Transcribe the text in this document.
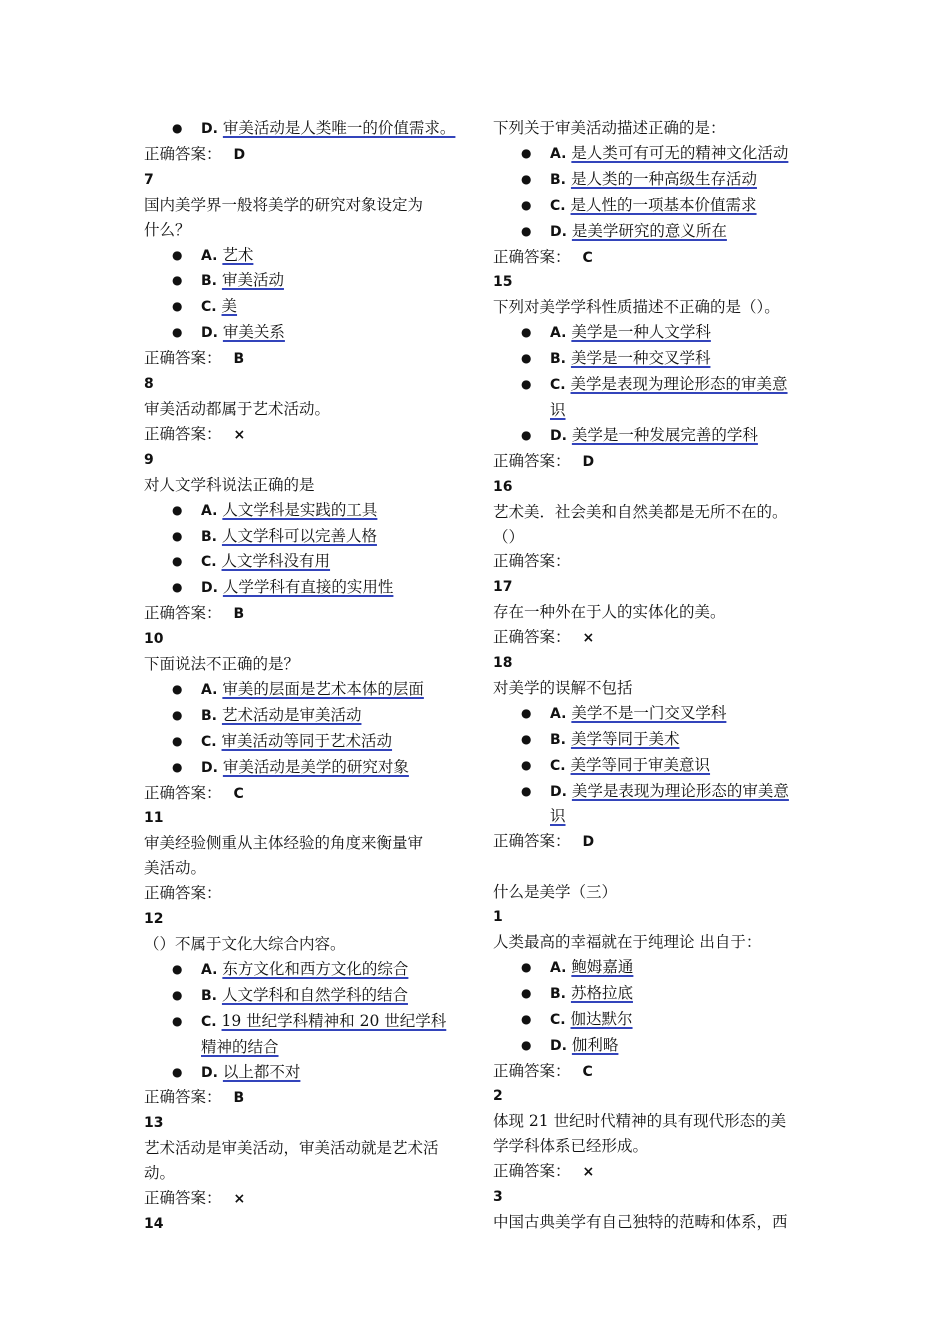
● D. 审美活动是人类唯一的价值需求。
正确答案： D
7
国内美学界一般将美学的研究对象设定为
什么？
● A. 艺术
● B. 审美活动
● C. 美
● D. 审美关系
正确答案： B
8
审美活动都属于艺术活动。
正确答案： ×
9
对人文学科说法正确的是
● A. 人文学科是实践的工具
● B. 人文学科可以完善人格
● C. 人文学科没有用
● D. 人学学科有直接的实用性
正确答案： B
10
下面说法不正确的是？
● A. 审美的层面是艺术本体的层面
● B. 艺术活动是审美活动
● C. 审美活动等同于艺术活动
● D. 审美活动是美学的研究对象
正确答案： C
11
审美经验侧重从主体经验的角度来衡量审
美活动。
正确答案：
12
（）不属于文化大综合内容。
● A. 东方文化和西方文化的综合
● B. 人文学科和自然学科的结合
● C. 19 世纪学科精神和 20 世纪学科
精神的结合
● D. 以上都不对
正确答案： B
13
艺术活动是审美活动，审美活动就是艺术活
动。
正确答案： ×
14
下列关于审美活动描述正确的是：
● A. 是人类可有可无的精神文化活动
● B. 是人类的一种高级生存活动
● C. 是人性的一项基本价值需求
● D. 是美学研究的意义所在
正确答案： C
15
下列对美学学科性质描述不正确的是（）。
● A. 美学是一种人文学科
● B. 美学是一种交叉学科
● C. 美学是表现为理论形态的审美意
识
● D. 美学是一种发展完善的学科
正确答案： D
16
艺术美．社会美和自然美都是无所不在的。
（）
正确答案：
17
存在一种外在于人的实体化的美。
正确答案： ×
18
对美学的误解不包括
● A. 美学不是一门交叉学科
● B. 美学等同于美术
● C. 美学等同于审美意识
● D. 美学是表现为理论形态的审美意
识
正确答案： D
什么是美学（三）
1
人类最高的幸福就在于纯理论 出自于：
● A. 鲍姆嘉通
● B. 苏格拉底
● C. 伽达默尔
● D. 伽利略
正确答案： C
2
体现 21 世纪时代精神的具有现代形态的美
学学科体系已经形成。
正确答案： ×
3
中国古典美学有自己独特的范畴和体系，西
